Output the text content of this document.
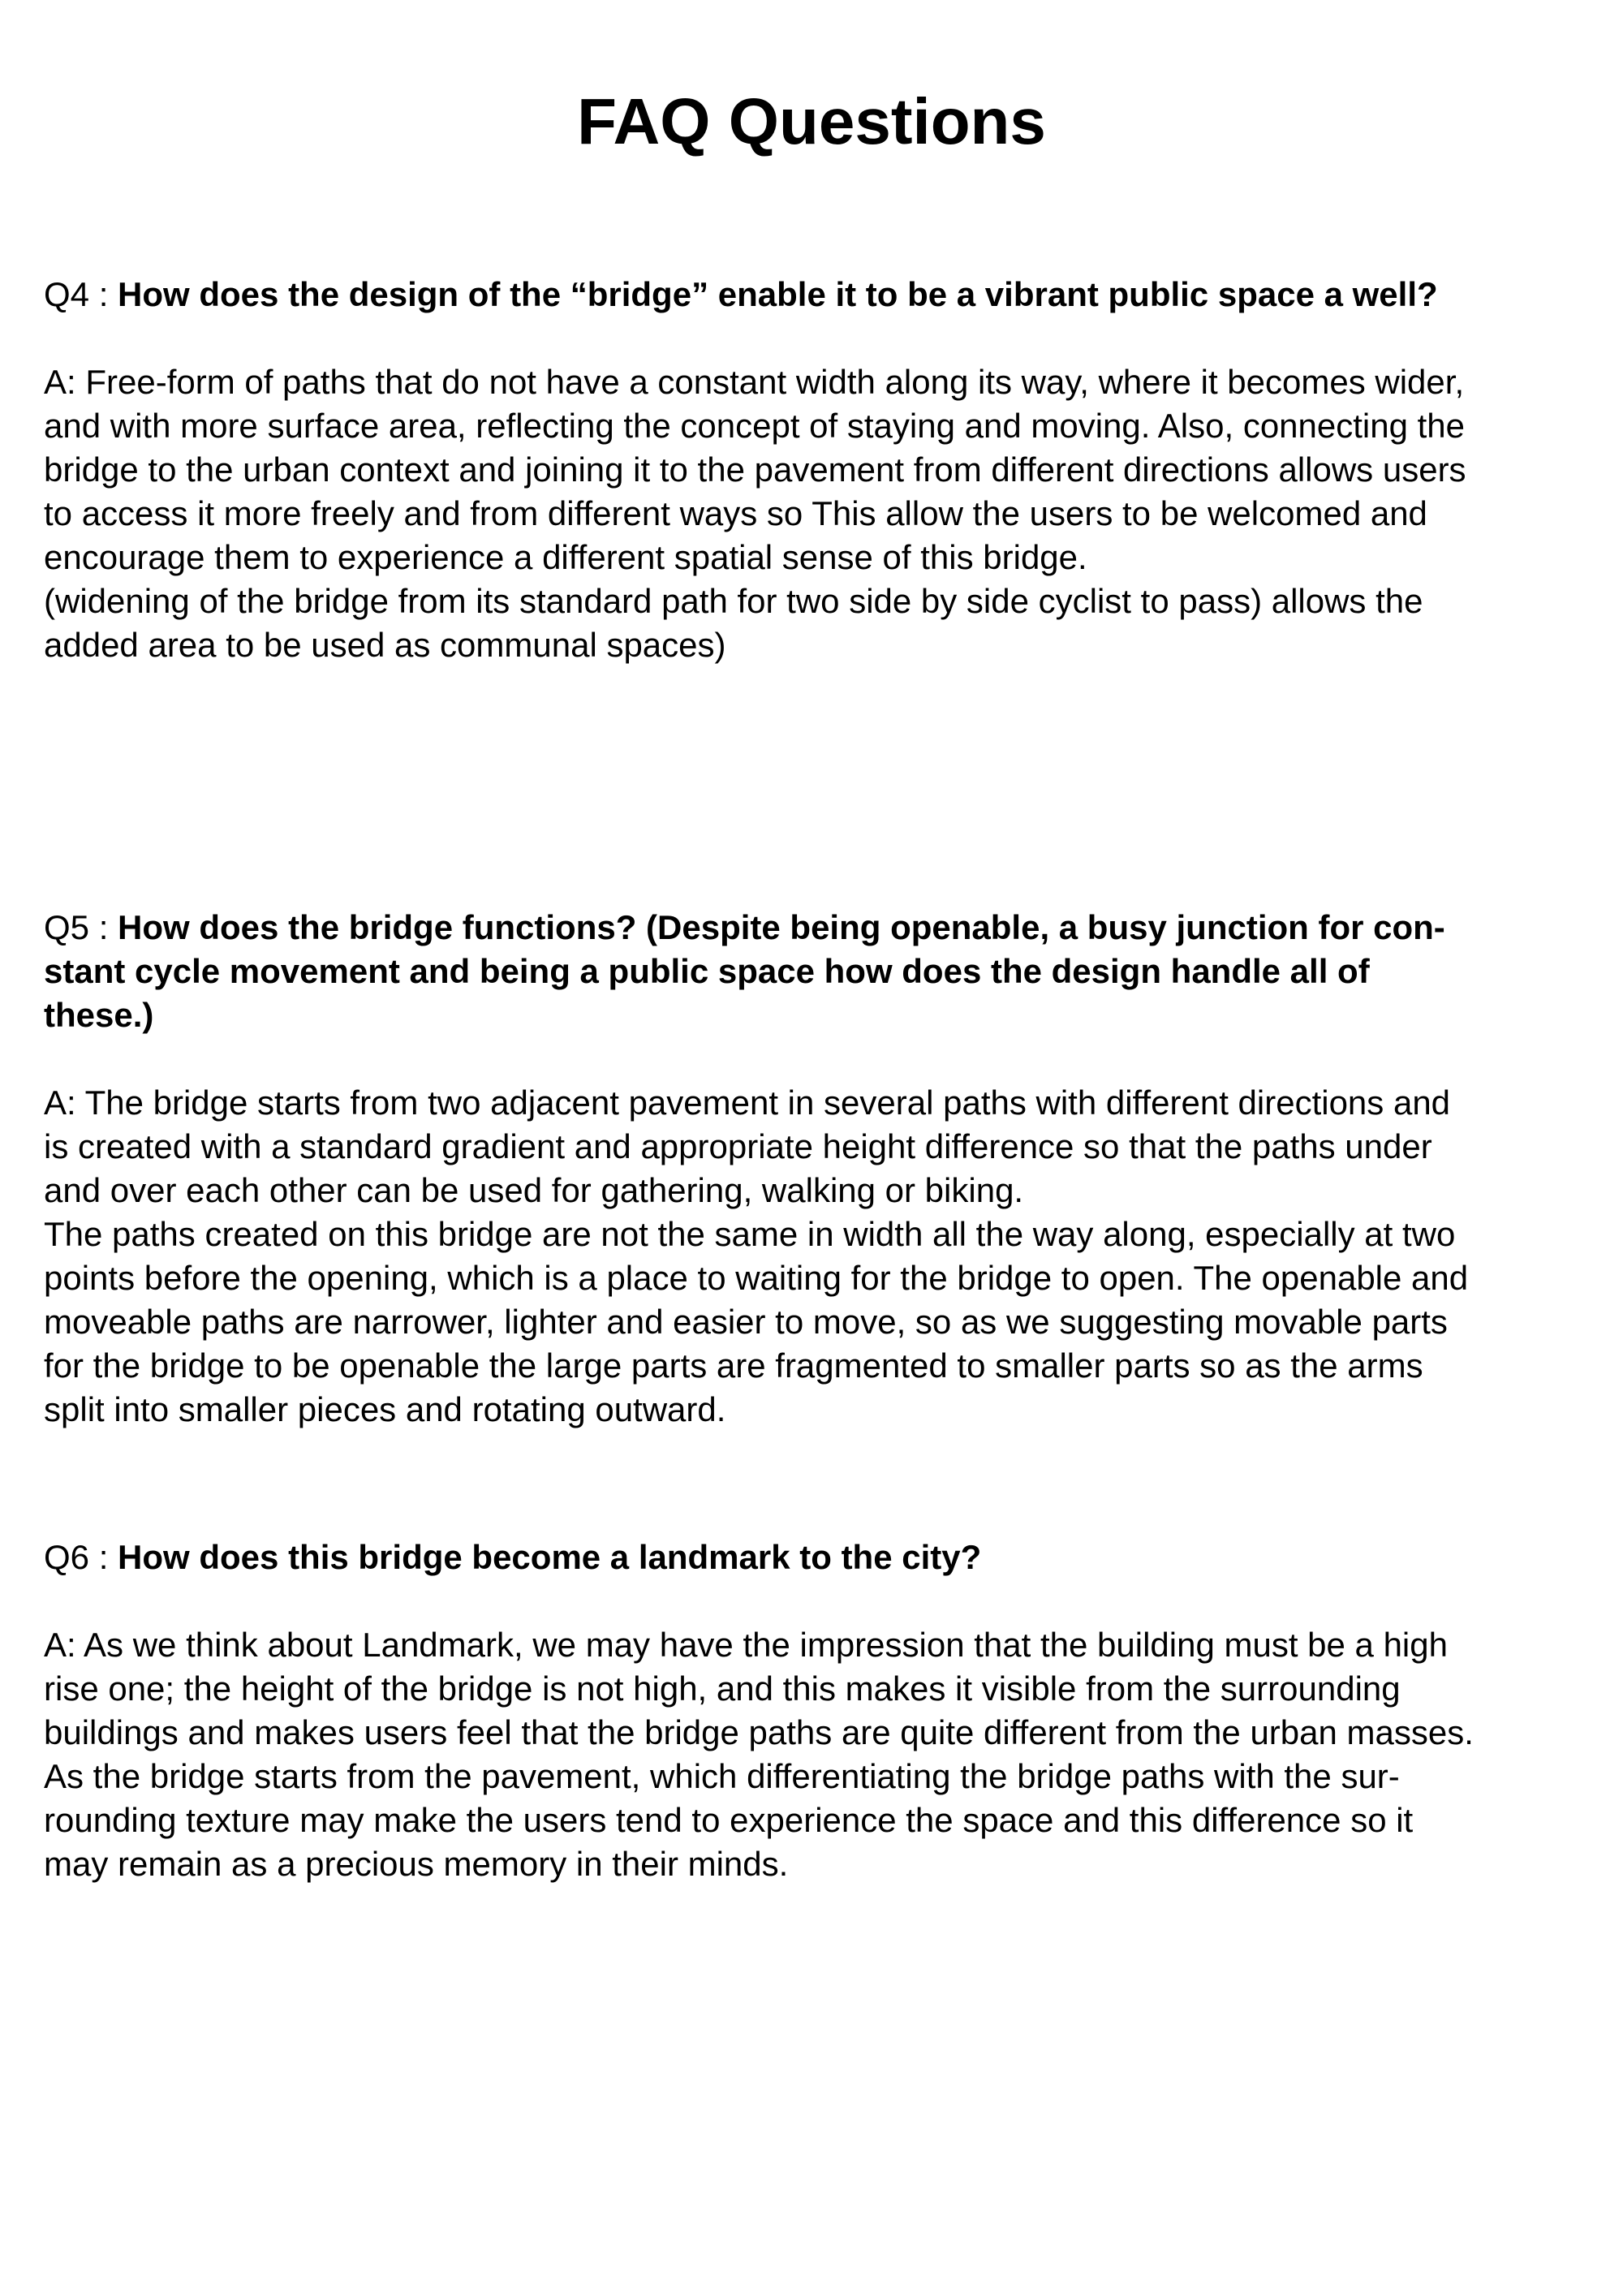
FAQ Questions
Q4 : How does the design of the “bridge” enable it to be a vibrant public space a well?
A: Free-form of paths that do not have a constant width along its way, where it becomes wider,
and with more surface area, reflecting the concept of staying and moving. Also, connecting the
bridge to the urban context and joining it to the pavement from different directions allows users
to access it more freely and from different ways so This allow the users to be welcomed and
encourage them to experience a different spatial sense of this bridge.
(widening of the bridge from its standard path for two side by side cyclist to pass) allows the
added area to be used as communal spaces)
Q5 : How does the bridge functions? (Despite being openable, a busy junction for con-
stant cycle movement and being a public space how does the design handle all of
these.)
A: The bridge starts from two adjacent pavement in several paths with different directions and
is created with a standard gradient and appropriate height difference so that the paths under
and over each other can be used for gathering, walking or biking.
The paths created on this bridge are not the same in width all the way along, especially at two
points before the opening, which is a place to waiting for the bridge to open. The openable and
moveable paths are narrower, lighter and easier to move, so as we suggesting movable parts
for the bridge to be openable the large parts are fragmented to smaller parts so as the arms
split into smaller pieces and rotating outward.
Q6 : How does this bridge become a landmark to the city?
A: As we think about Landmark, we may have the impression that the building must be a high
rise one; the height of the bridge is not high, and this makes it visible from the surrounding
buildings and makes users feel that the bridge paths are quite different from the urban masses.
As the bridge starts from the pavement, which differentiating the bridge paths with the sur-
rounding texture may make the users tend to experience the space and this difference so it
may remain as a precious memory in their minds.
